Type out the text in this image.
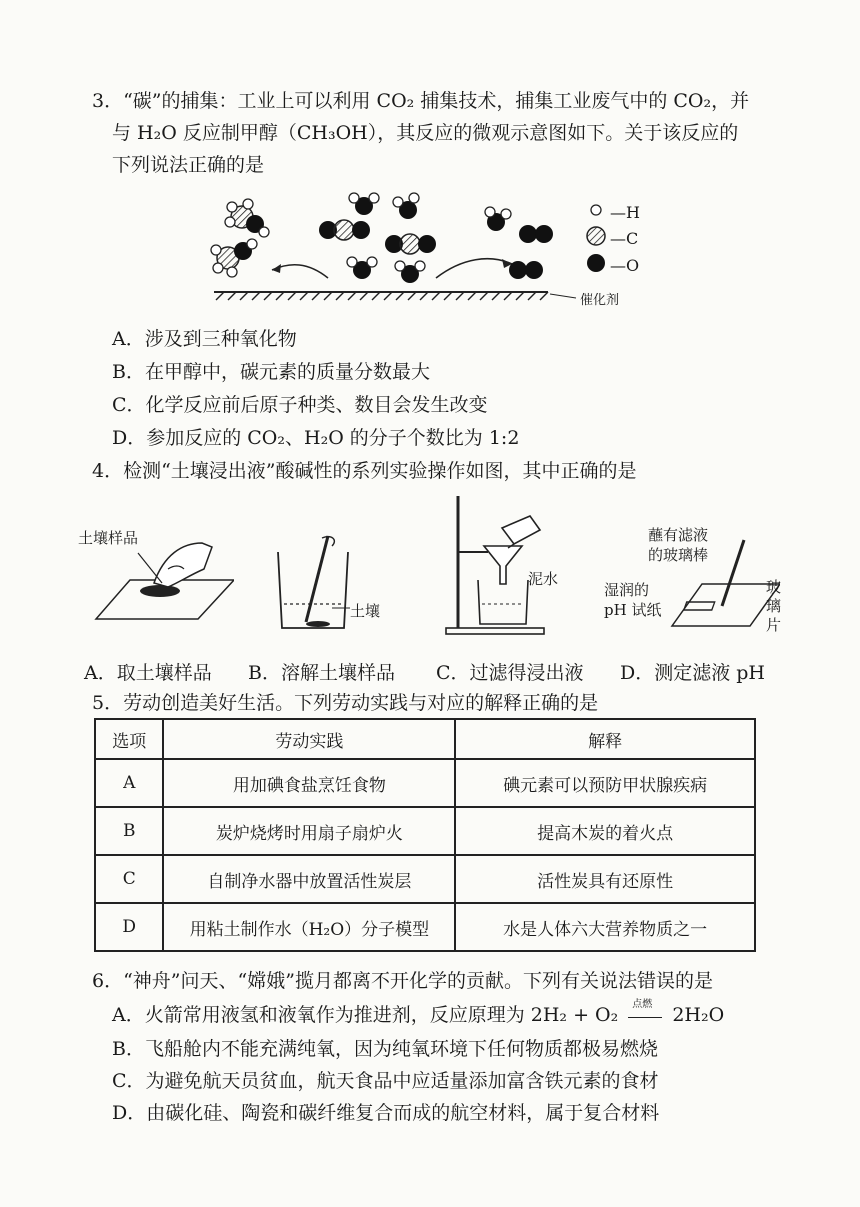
3．“碳”的捕集：工业上可以利用 CO₂ 捕集技术，捕集工业废气中的 CO₂，并
与 H₂O 反应制甲醇（CH₃OH），其反应的微观示意图如下。关于该反应的
下列说法正确的是
—H
—C
—O
催化剂
A．涉及到三种氧化物
B．在甲醇中，碳元素的质量分数最大
C．化学反应前后原子种类、数目会发生改变
D．参加反应的 CO₂、H₂O 的分子个数比为 1:2
4．检测“土壤浸出液”酸碱性的系列实验操作如图，其中正确的是
土壤样品
土壤
泥水
蘸有滤液
的玻璃棒
湿润的
pH 试纸
玻
璃
片
A．取土壤样品 B．溶解土壤样品 C．过滤得浸出液 D．测定滤液 pH
5．劳动创造美好生活。下列劳动实践与对应的解释正确的是
选项	劳动实践	解释
A	用加碘食盐烹饪食物	碘元素可以预防甲状腺疾病
B	炭炉烧烤时用扇子扇炉火	提高木炭的着火点
C	自制净水器中放置活性炭层	活性炭具有还原性
D	用粘土制作水（H₂O）分子模型	水是人体六大营养物质之一
6．“神舟”问天、“嫦娥”揽月都离不开化学的贡献。下列有关说法错误的是
A．火箭常用液氢和液氧作为推进剂，反应原理为 2H₂ + O₂ 点燃 2H₂O
B．飞船舱内不能充满纯氧，因为纯氧环境下任何物质都极易燃烧
C．为避免航天员贫血，航天食品中应适量添加富含铁元素的食材
D．由碳化硅、陶瓷和碳纤维复合而成的航空材料，属于复合材料
